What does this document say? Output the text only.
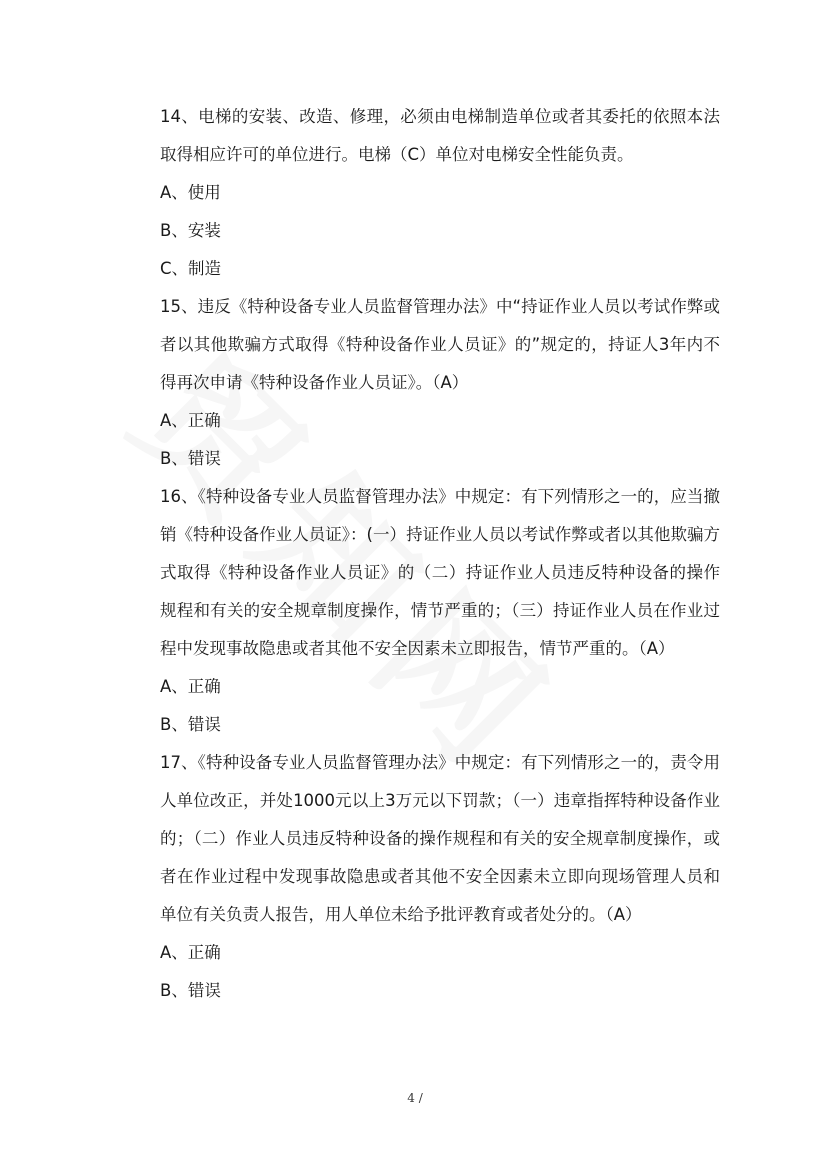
14、电梯的安装、改造、修理，必须由电梯制造单位或者其委托的依照本法取得相应许可的单位进行。电梯（C）单位对电梯安全性能负责。

A、使用

B、安装

C、制造

15、违反《特种设备专业人员监督管理办法》中“持证作业人员以考试作弊或者以其他欺骗方式取得《特种设备作业人员证》的”规定的，持证人3年内不得再次申请《特种设备作业人员证》。（A）

A、正确

B、错误

16、《特种设备专业人员监督管理办法》中规定：有下列情形之一的，应当撤销《特种设备作业人员证》：(一）持证作业人员以考试作弊或者以其他欺骗方式取得《特种设备作业人员证》的（二）持证作业人员违反特种设备的操作规程和有关的安全规章制度操作，情节严重的；（三）持证作业人员在作业过程中发现事故隐患或者其他不安全因素未立即报告，情节严重的。（A）

A、正确

B、错误

17、《特种设备专业人员监督管理办法》中规定：有下列情形之一的，责令用人单位改正，并处1000元以上3万元以下罚款；（一）违章指挥特种设备作业的；（二）作业人员违反特种设备的操作规程和有关的安全规章制度操作，或者在作业过程中发现事故隐患或者其他不安全因素未立即向现场管理人员和单位有关负责人报告，用人单位未给予批评教育或者处分的。（A）

A、正确

B、错误

4 /
